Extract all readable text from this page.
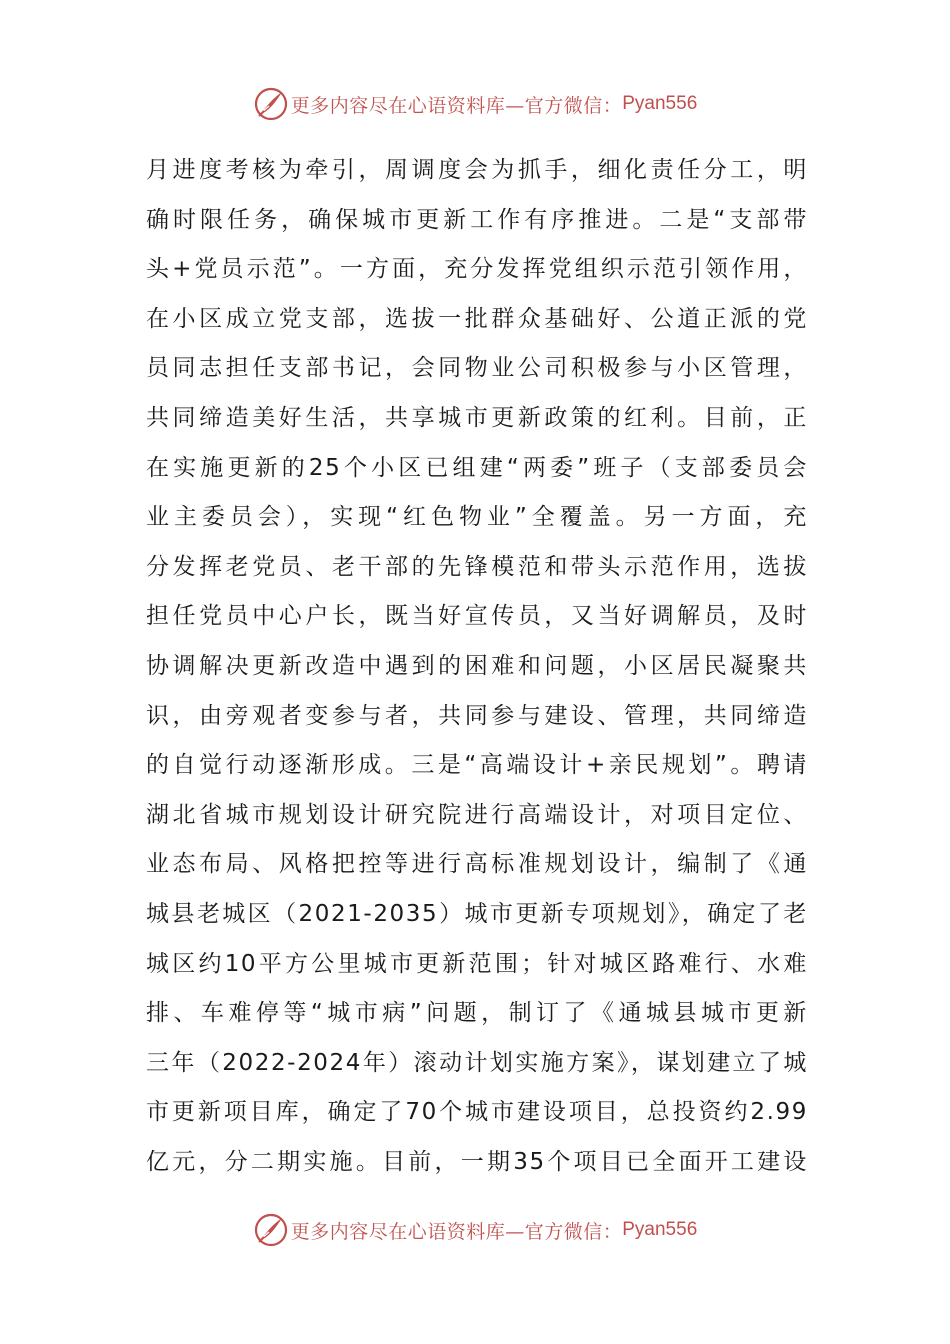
更多内容尽在心语资料库—官方微信： Pyan556
月进度考核为牵引，周调度会为抓手，细化责任分工，明
确时限任务，确保城市更新工作有序推进。二是“支部带
头+党员示范”。一方面，充分发挥党组织示范引领作用，
在小区成立党支部，选拔一批群众基础好、公道正派的党
员同志担任支部书记，会同物业公司积极参与小区管理，
共同缔造美好生活，共享城市更新政策的红利。目前，正
在实施更新的25个小区已组建“两委”班子（支部委员会
业主委员会），实现“红色物业”全覆盖。另一方面，充
分发挥老党员、老干部的先锋模范和带头示范作用，选拔
担任党员中心户长，既当好宣传员，又当好调解员，及时
协调解决更新改造中遇到的困难和问题，小区居民凝聚共
识，由旁观者变参与者，共同参与建设、管理，共同缔造
的自觉行动逐渐形成。三是“高端设计+亲民规划”。聘请
湖北省城市规划设计研究院进行高端设计，对项目定位、
业态布局、风格把控等进行高标准规划设计，编制了《通
城县老城区（2021-2035）城市更新专项规划》，确定了老
城区约10平方公里城市更新范围；针对城区路难行、水难
排、车难停等“城市病”问题，制订了《通城县城市更新
三年（2022-2024年）滚动计划实施方案》，谋划建立了城
市更新项目库，确定了70个城市建设项目，总投资约2.99
亿元，分二期实施。目前，一期35个项目已全面开工建设
更多内容尽在心语资料库—官方微信： Pyan556
